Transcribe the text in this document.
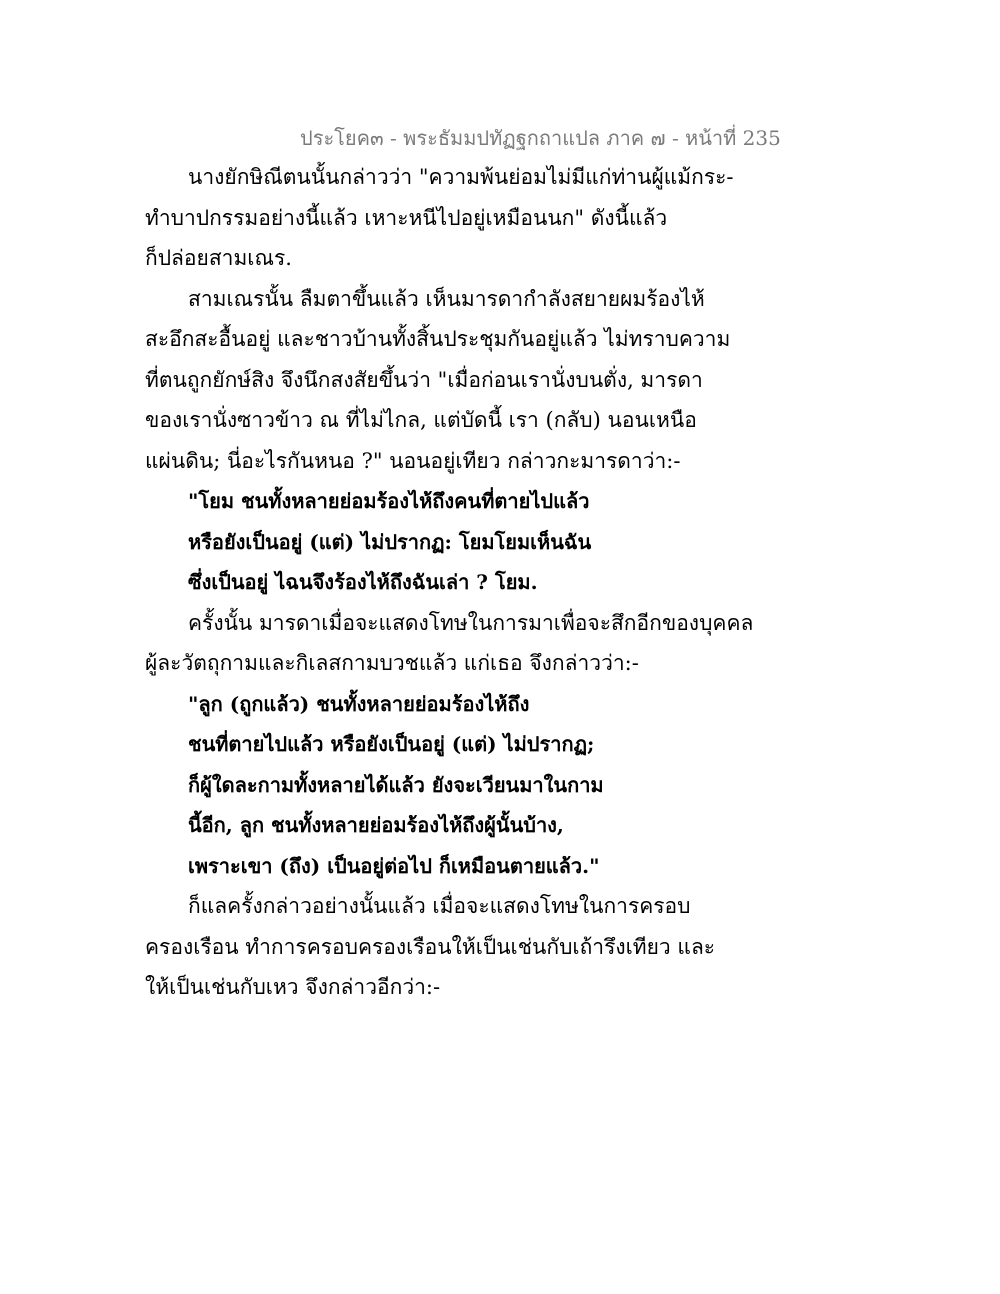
ประโยค๓ - พระธัมมปทัฏฐกถาแปล ภาค ๗ - หน้าที่ 235
นางยักษิณีตนนั้นกล่าวว่า "ความพ้นย่อมไม่มีแก่ท่านผู้แม้กระ-
ทำบาปกรรมอย่างนี้แล้ว เหาะหนีไปอยู่เหมือนนก" ดังนี้แล้ว
ก็ปล่อยสามเณร.
สามเณรนั้น ลืมตาขึ้นแล้ว เห็นมารดากำลังสยายผมร้องไห้
สะอึกสะอื้นอยู่ และชาวบ้านทั้งสิ้นประชุมกันอยู่แล้ว ไม่ทราบความ
ที่ตนถูกยักษ์สิง จึงนึกสงสัยขึ้นว่า "เมื่อก่อนเรานั่งบนตั่ง, มารดา
ของเรานั่งซาวข้าว ณ ที่ไม่ไกล, แต่บัดนี้ เรา (กลับ) นอนเหนือ
แผ่นดิน; นี่อะไรกันหนอ ?" นอนอยู่เทียว กล่าวกะมารดาว่า:-
"โยม ชนทั้งหลายย่อมร้องไห้ถึงคนที่ตายไปแล้ว
หรือยังเป็นอยู่ (แต่) ไม่ปรากฏ: โยมโยมเห็นฉัน
ซึ่งเป็นอยู่ ไฉนจึงร้องไห้ถึงฉันเล่า ? โยม.
ครั้งนั้น มารดาเมื่อจะแสดงโทษในการมาเพื่อจะสึกอีกของบุคคล
ผู้ละวัตถุกามและกิเลสกามบวชแล้ว แก่เธอ จึงกล่าวว่า:-
"ลูก (ถูกแล้ว) ชนทั้งหลายย่อมร้องไห้ถึง
ชนที่ตายไปแล้ว หรือยังเป็นอยู่ (แต่) ไม่ปรากฏ;
ก็ผู้ใดละกามทั้งหลายได้แล้ว ยังจะเวียนมาในกาม
นี้อีก, ลูก ชนทั้งหลายย่อมร้องไห้ถึงผู้นั้นบ้าง,
เพราะเขา (ถึง) เป็นอยู่ต่อไป ก็เหมือนตายแล้ว."
ก็แลครั้งกล่าวอย่างนั้นแล้ว เมื่อจะแสดงโทษในการครอบ
ครองเรือน ทำการครอบครองเรือนให้เป็นเช่นกับเถ้ารึงเทียว และ
ให้เป็นเช่นกับเหว จึงกล่าวอีกว่า:-
